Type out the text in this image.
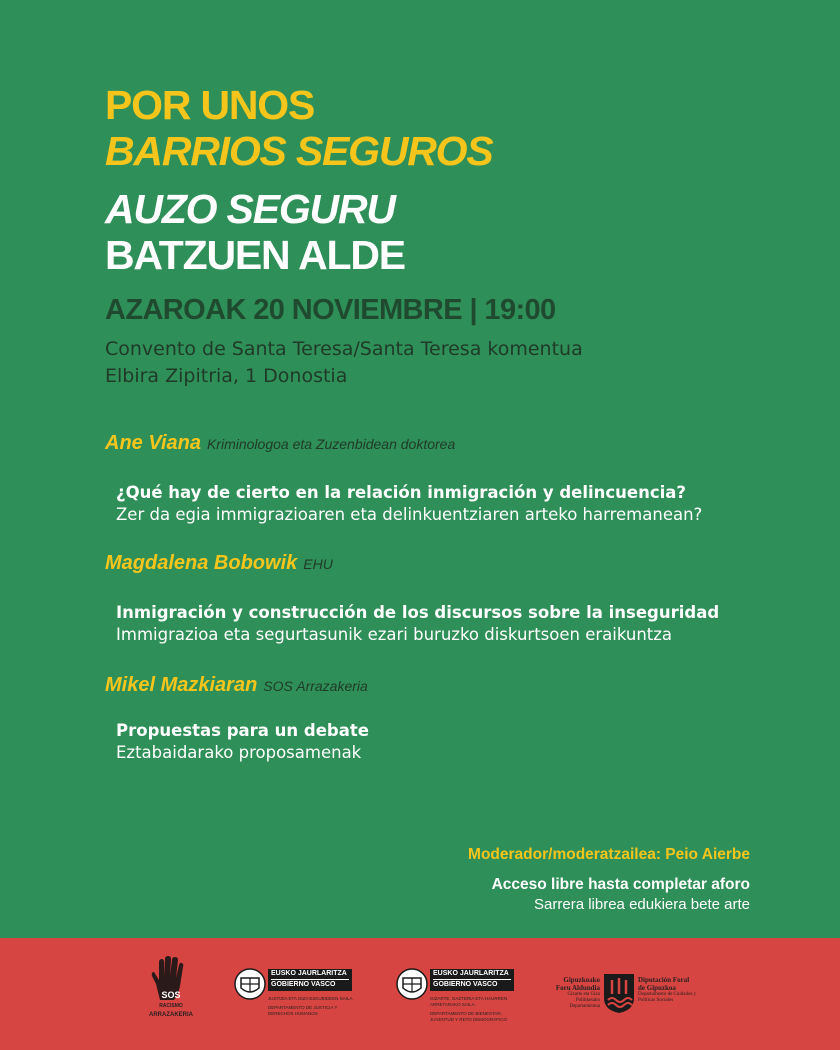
POR UNOS
BARRIOS SEGUROS
AUZO SEGURU
BATZUEN ALDE
AZAROAK 20 NOVIEMBRE | 19:00
Convento de Santa Teresa/Santa Teresa komentua
Elbira Zipitria, 1 Donostia
Ane Viana Kriminologoa eta Zuzenbidean doktorea
¿Qué hay de cierto en la relación inmigración y delincuencia?
Zer da egia immigrazioaren eta delinkuentziaren arteko harremanean?
Magdalena Bobowik EHU
Inmigración y construcción de los discursos sobre la inseguridad
Immigrazioa eta segurtasunik ezari buruzko diskurtsoen eraikuntza
Mikel Mazkiaran SOS Arrazakeria
Propuestas para un debate
Eztabaidarako proposamenak
Moderador/moderatzailea: Peio Aierbe
Acceso libre hasta completar aforo
Sarrera librea edukiera bete arte
SOS
RACISMO
ARRAZAKERIA
EUSKO JAURLARITZA
GOBIERNO VASCO
JUSTIZIA ETA GIZA ESKUBIDEEN SAILA
DEPARTAMENTO DE JUSTICIA Y DERECHOS HUMANOS
EUSKO JAURLARITZA
GOBIERNO VASCO
GIZARTE, GAZTERIA ETA HAURREN ARRETARAKO SAILA
DEPARTAMENTO DE BIENESTAR, JUVENTUD Y RETO DEMOGRÁFICO
Gipuzkoako
Foru Aldundia
Gizarte eta Giza Politiketako Departamentua
Diputación Foral
de Gipuzkoa
Departamento de Cuidados y Políticas Sociales
